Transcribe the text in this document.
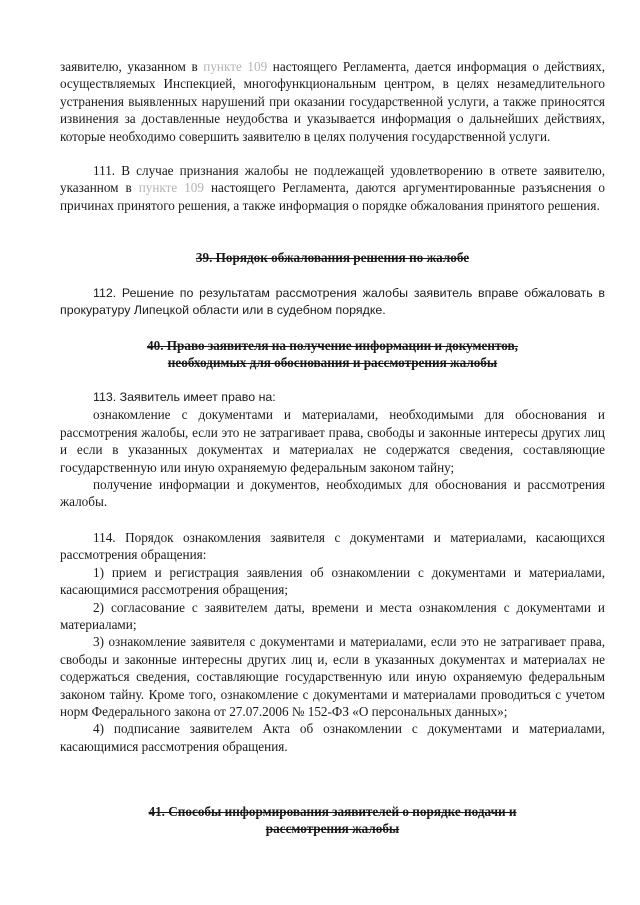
заявителю, указанном в пункте 109 настоящего Регламента, дается информация о действиях, осуществляемых Инспекцией, многофункциональным центром, в целях незамедлительного устранения выявленных нарушений при оказании государственной услуги, а также приносятся извинения за доставленные неудобства и указывается информация о дальнейших действиях, которые необходимо совершить заявителю в целях получения государственной услуги.

111. В случае признания жалобы не подлежащей удовлетворению в ответе заявителю, указанном в пункте 109 настоящего Регламента, даются аргументированные разъяснения о причинах принятого решения, а также информация о порядке обжалования принятого решения.

39. Порядок обжалования решения по жалобе

112. Решение по результатам рассмотрения жалобы заявитель вправе обжаловать в прокуратуру Липецкой области или в судебном порядке.

40. Право заявителя на получение информации и документов,

необходимых для обоснования и рассмотрения жалобы

113. Заявитель имеет право на:

ознакомление с документами и материалами, необходимыми для обоснования и рассмотрения жалобы, если это не затрагивает права, свободы и законные интересы других лиц и если в указанных документах и материалах не содержатся сведения, составляющие государственную или иную охраняемую федеральным законом тайну;

получение информации и документов, необходимых для обоснования и рассмотрения жалобы.

114. Порядок ознакомления заявителя с документами и материалами, касающихся рассмотрения обращения:

1) прием и регистрация заявления об ознакомлении с документами и материалами, касающимися рассмотрения обращения;

2) согласование с заявителем даты, времени и места ознакомления с документами и материалами;

3) ознакомление заявителя с документами и материалами, если это не затрагивает права, свободы и законные интересны других лиц и, если в указанных документах и материалах не содержаться сведения, составляющие государственную или иную охраняемую федеральным законом тайну. Кроме того, ознакомление с документами и материалами проводиться с учетом норм Федерального закона от 27.07.2006 № 152-ФЗ «О персональных данных»;

4) подписание заявителем Акта об ознакомлении с документами и материалами, касающимися рассмотрения обращения.

41. Способы информирования заявителей о порядке подачи и

рассмотрения жалобы
